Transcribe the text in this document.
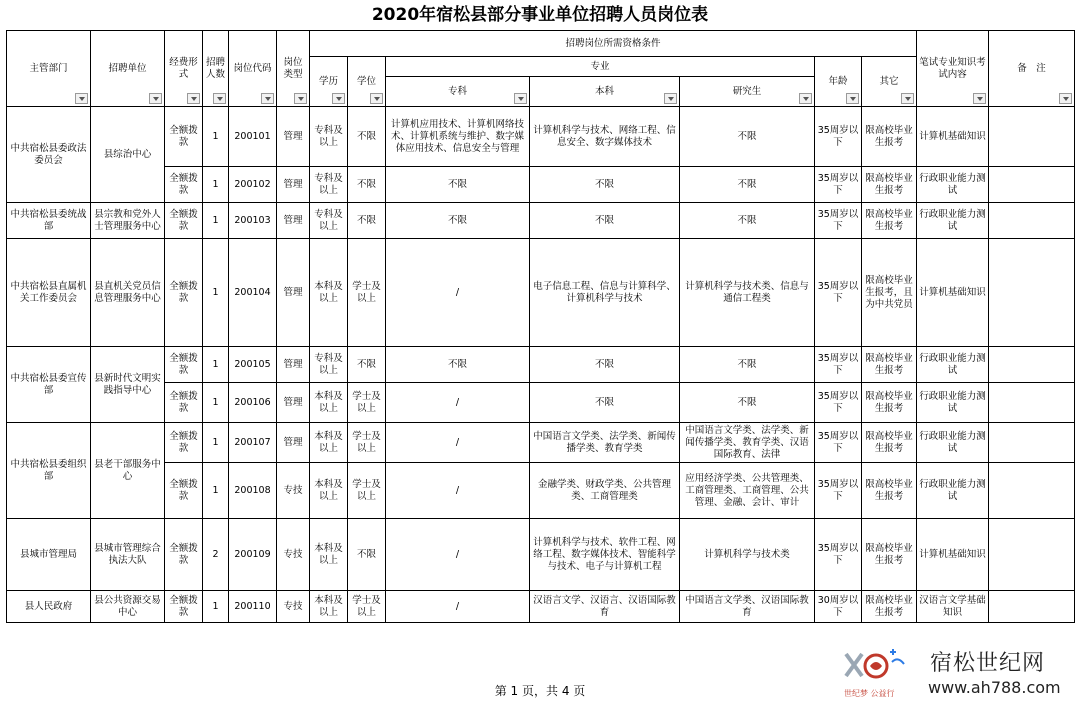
2020年宿松县部分事业单位招聘人员岗位表
主管部门	招聘单位	经费形式	招聘人数	岗位代码	岗位类型	招聘岗位所需资格条件							笔试专业知识考试内容	备　注

						学历	学位	专业			年龄	其它		

								专科	本科	研究生				

中共宿松县委政法委员会	县综治中心	全额拨款	1	200101	管理	专科及以上	不限	计算机应用技术、计算机网络技术、计算机系统与维护、数字媒体应用技术、信息安全与管理	计算机科学与技术、网络工程、信息安全、数字媒体技术	不限	35周岁以下	限高校毕业生报考	计算机基础知识	
		全额拨款	1	200102	管理	专科及以上	不限	不限	不限	不限	35周岁以下	限高校毕业生报考	行政职业能力测试	
中共宿松县委统战部	县宗教和党外人士管理服务中心	全额拨款	1	200103	管理	专科及以上	不限	不限	不限	不限	35周岁以下	限高校毕业生报考	行政职业能力测试	
中共宿松县直属机关工作委员会	县直机关党员信息管理服务中心	全额拨款	1	200104	管理	本科及以上	学士及以上	/	电子信息工程、信息与计算科学、计算机科学与技术	计算机科学与技术类、信息与通信工程类	35周岁以下	限高校毕业生报考，且为中共党员	计算机基础知识	
中共宿松县委宣传部	县新时代文明实践指导中心	全额拨款	1	200105	管理	专科及以上	不限	不限	不限	不限	35周岁以下	限高校毕业生报考	行政职业能力测试	
		全额拨款	1	200106	管理	本科及以上	学士及以上	/	不限	不限	35周岁以下	限高校毕业生报考	行政职业能力测试	
中共宿松县委组织部	县老干部服务中心	全额拨款	1	200107	管理	本科及以上	学士及以上	/	中国语言文学类、法学类、新闻传播学类、教育学类	中国语言文学类、法学类、新闻传播学类、教育学类、汉语国际教育、法律	35周岁以下	限高校毕业生报考	行政职业能力测试	
		全额拨款	1	200108	专技	本科及以上	学士及以上	/	金融学类、财政学类、公共管理类、工商管理类	应用经济学类、公共管理类、工商管理类、工商管理、公共管理、金融、会计、审计	35周岁以下	限高校毕业生报考	行政职业能力测试	
县城市管理局	县城市管理综合执法大队	全额拨款	2	200109	专技	本科及以上	不限	/	计算机科学与技术、软件工程、网络工程、数字媒体技术、智能科学与技术、电子与计算机工程	计算机科学与技术类	35周岁以下	限高校毕业生报考	计算机基础知识	
县人民政府	县公共资源交易中心	全额拨款	1	200110	专技	本科及以上	学士及以上	/	汉语言文学、汉语言、汉语国际教育	中国语言文学类、汉语国际教育	30周岁以下	限高校毕业生报考	汉语言文学基础知识	
第 1 页，共 4 页	世纪梦 公益行
宿松世纪网
www.ah788.com
